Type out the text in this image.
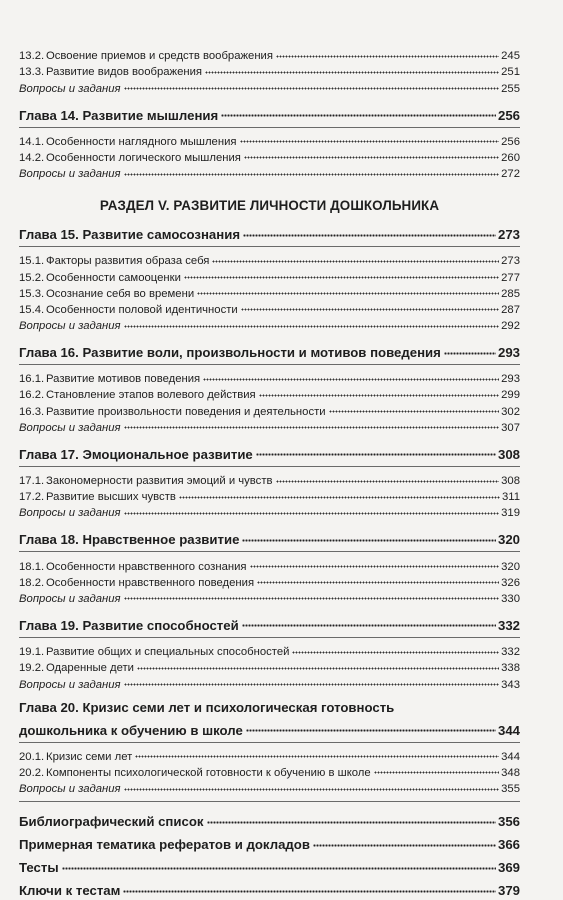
13.2. Освоение приемов и средств воображения	245
13.3. Развитие видов воображения	251
Вопросы и задания	255
Глава 14. Развитие мышления	256
14.1. Особенности наглядного мышления	256
14.2. Особенности логического мышления	260
Вопросы и задания	272
РАЗДЕЛ V. РАЗВИТИЕ ЛИЧНОСТИ ДОШКОЛЬНИКА
Глава 15. Развитие самосознания	273
15.1. Факторы развития образа себя	273
15.2. Особенности самооценки	277
15.3. Осознание себя во времени	285
15.4. Особенности половой идентичности	287
Вопросы и задания	292
Глава 16. Развитие воли, произвольности и мотивов поведения	293
16.1. Развитие мотивов поведения	293
16.2. Становление этапов волевого действия	299
16.3. Развитие произвольности поведения и деятельности	302
Вопросы и задания	307
Глава 17. Эмоциональное развитие	308
17.1. Закономерности развития эмоций и чувств	308
17.2. Развитие высших чувств	311
Вопросы и задания	319
Глава 18. Нравственное развитие	320
18.1. Особенности нравственного сознания	320
18.2. Особенности нравственного поведения	326
Вопросы и задания	330
Глава 19. Развитие способностей	332
19.1. Развитие общих и специальных способностей	332
19.2. Одаренные дети	338
Вопросы и задания	343
Глава 20. Кризис семи лет и психологическая готовность
дошкольника к обучению в школе	344
20.1. Кризис семи лет	344
20.2. Компоненты психологической готовности к обучению в школе	348
Вопросы и задания	355
Библиографический список	356
Примерная тематика рефератов и докладов	366
Тесты	369
Ключи к тестам	379
